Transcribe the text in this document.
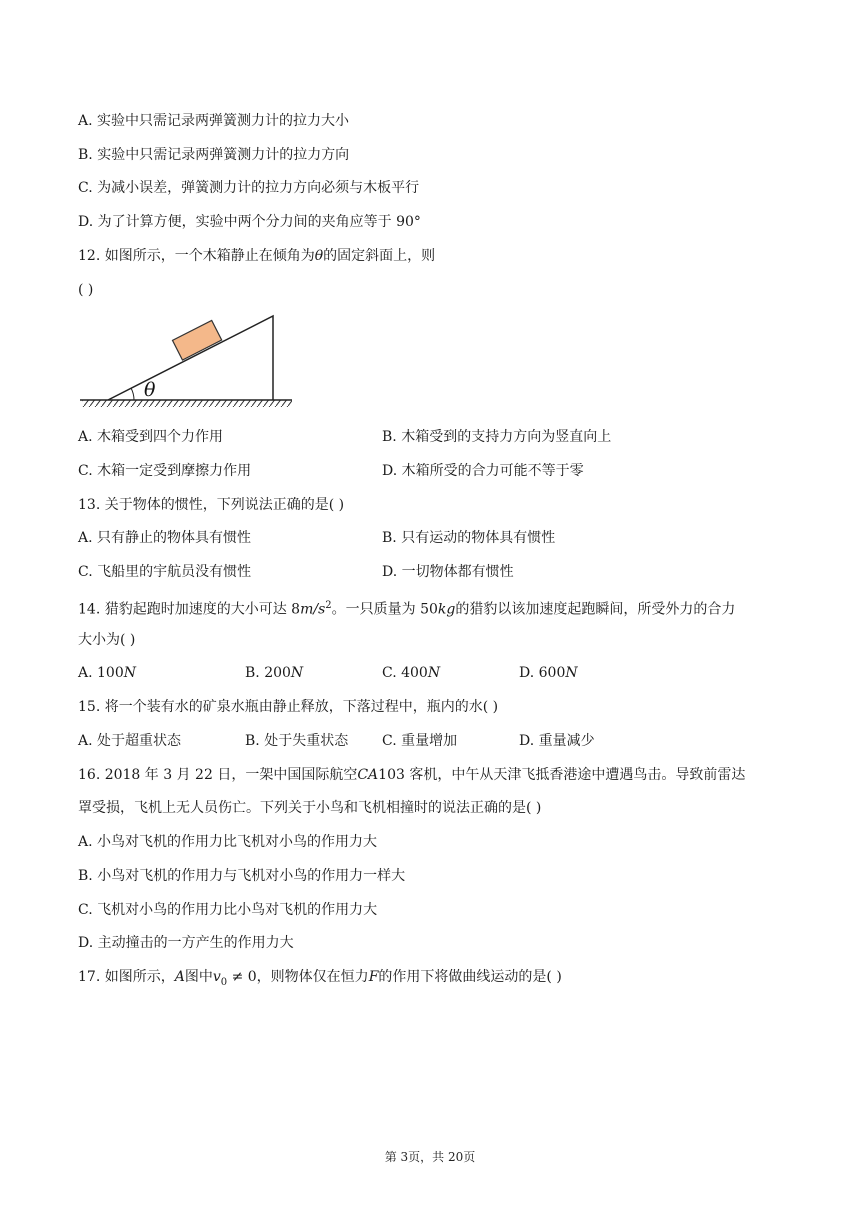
A. 实验中只需记录两弹簧测力计的拉力大小
B. 实验中只需记录两弹簧测力计的拉力方向
C. 为减小误差，弹簧测力计的拉力方向必须与木板平行
D. 为了计算方便，实验中两个分力间的夹角应等于 90°
12. 如图所示，一个木箱静止在倾角为θ的固定斜面上，则
( )
θ
A. 木箱受到四个力作用	B. 木箱受到的支持力方向为竖直向上
C. 木箱一定受到摩擦力作用	D. 木箱所受的合力可能不等于零
13. 关于物体的惯性，下列说法正确的是( )
A. 只有静止的物体具有惯性	B. 只有运动的物体具有惯性
C. 飞船里的宇航员没有惯性	D. 一切物体都有惯性
14. 猎豹起跑时加速度的大小可达 $8m/s^2$。一只质量为 50kg的猎豹以该加速度起跑瞬间，所受外力的合力
大小为( )
A. 100N	B. 200N	C. 400N	D. 600N
15. 将一个装有水的矿泉水瓶由静止释放，下落过程中，瓶内的水( )
A. 处于超重状态	B. 处于失重状态 C. 重量增加	D. 重量减少
16. 2018 年 3 月 22 日，一架中国国际航空CA103 客机，中午从天津飞抵香港途中遭遇鸟击。导致前雷达
罩受损，飞机上无人员伤亡。下列关于小鸟和飞机相撞时的说法正确的是( )
A. 小鸟对飞机的作用力比飞机对小鸟的作用力大
B. 小鸟对飞机的作用力与飞机对小鸟的作用力一样大
C. 飞机对小鸟的作用力比小鸟对飞机的作用力大
D. 主动撞击的一方产生的作用力大
17. 如图所示，A图中$v_0 \ne 0$，则物体仅在恒力F的作用下将做曲线运动的是( )
第 3页，共 20页
